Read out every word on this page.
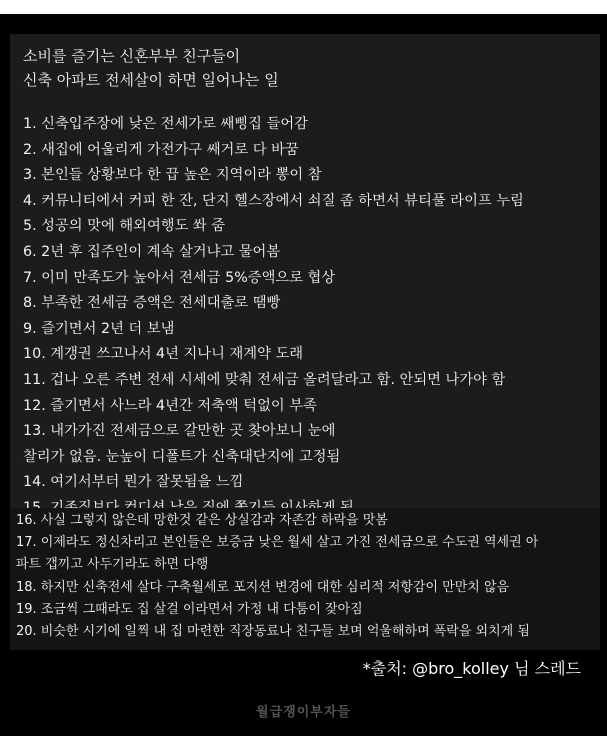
소비를 즐기는 신혼부부 친구들이
신축 아파트 전세살이 하면 일어나는 일
1. 신축입주장에 낮은 전세가로 쌔삥집 들어감
2. 새집에 어울리게 가전가구 쌔거로 다 바꿈
3. 본인들 상황보다 한 끕 높은 지역이라 뽕이 참
4. 커뮤니티에서 커피 한 잔, 단지 헬스장에서 쇠질 좀 하면서 뷰티풀 라이프 누림
5. 성공의 맛에 해외여행도 쏴 줌
6. 2년 후 집주인이 계속 살거냐고 물어봄
7. 이미 만족도가 높아서 전세금 5%증액으로 협상
8. 부족한 전세금 증액은 전세대출로 땜빵
9. 즐기면서 2년 더 보냄
10. 계갱권 쓰고나서 4년 지나니 재계약 도래
11. 겁나 오른 주변 전세 시세에 맞춰 전세금 올려달라고 함. 안되면 나가야 함
12. 즐기면서 사느라 4년간 저축액 턱없이 부족
13. 내가가진 전세금으로 갈만한 곳 찾아보니 눈에
찰리가 없음. 눈높이 디폴트가 신축대단지에 고정됨
14. 여기서부터 뭔가 잘못됨을 느낌
16. 사실 그렇지 않은데 망한것 같은 상실감과 자존감 하락을 맛봄
17. 이제라도 정신차리고 본인들은 보증금 낮은 월세 살고 가진 전세금으로 수도권 역세권 아
파트 갭끼고 사두기라도 하면 다행
18. 하지만 신축전세 살다 구축월세로 포지션 변경에 대한 심리적 저항감이 만만치 않음
19. 조금씩 그때라도 집 살걸 이라면서 가정 내 다툼이 잦아짐
20. 비슷한 시기에 일찍 내 집 마련한 직장동료나 친구들 보며 억울해하며 폭락을 외치게 됨
*출처: @bro_kolley 님 스레드
월급쟁이부자들
